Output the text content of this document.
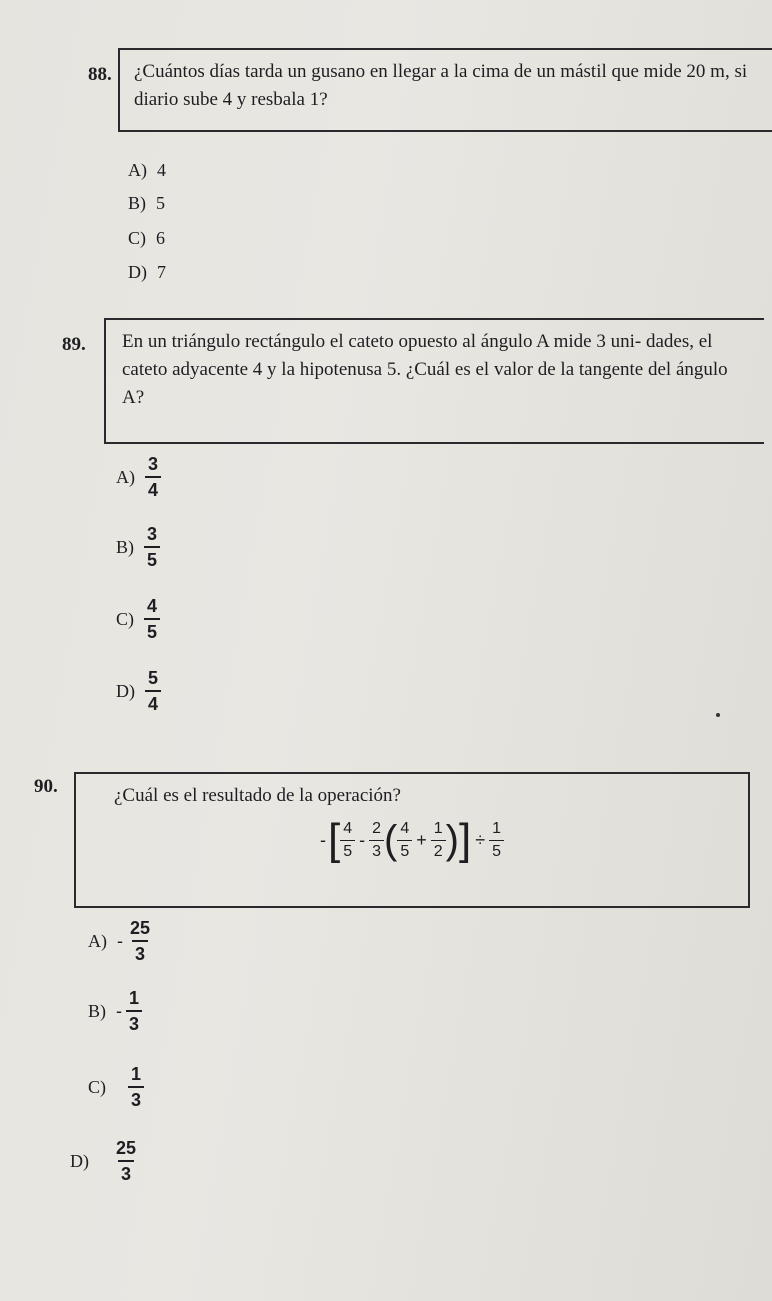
88.	¿Cuántos días tarda un gusano en llegar a la cima de un mástil que mide 20 m, si diario sube 4 y resbala 1?
A) 4
B) 5
C) 6
D) 7
89.	En un triángulo rectángulo el cateto opuesto al ángulo A mide 3 uni- dades, el cateto adyacente 4 y la hipotenusa 5. ¿Cuál es el valor de la tangente del ángulo A?
$A) \frac{3}{4}$
$B) \frac{3}{5}$
$C) \frac{4}{5}$
$D) \frac{5}{4}$
90.	¿Cuál es el resultado de la operación?
- [ $\frac{4}{5} - \frac{2}{3}$ ( $\frac{4}{5} + \frac{1}{2}$ ) ] ÷ $\frac{1}{5}$
$A) - \frac{25}{3}$
$B) - \frac{1}{3}$
$C) \frac{1}{3}$
$D) \frac{25}{3}$
